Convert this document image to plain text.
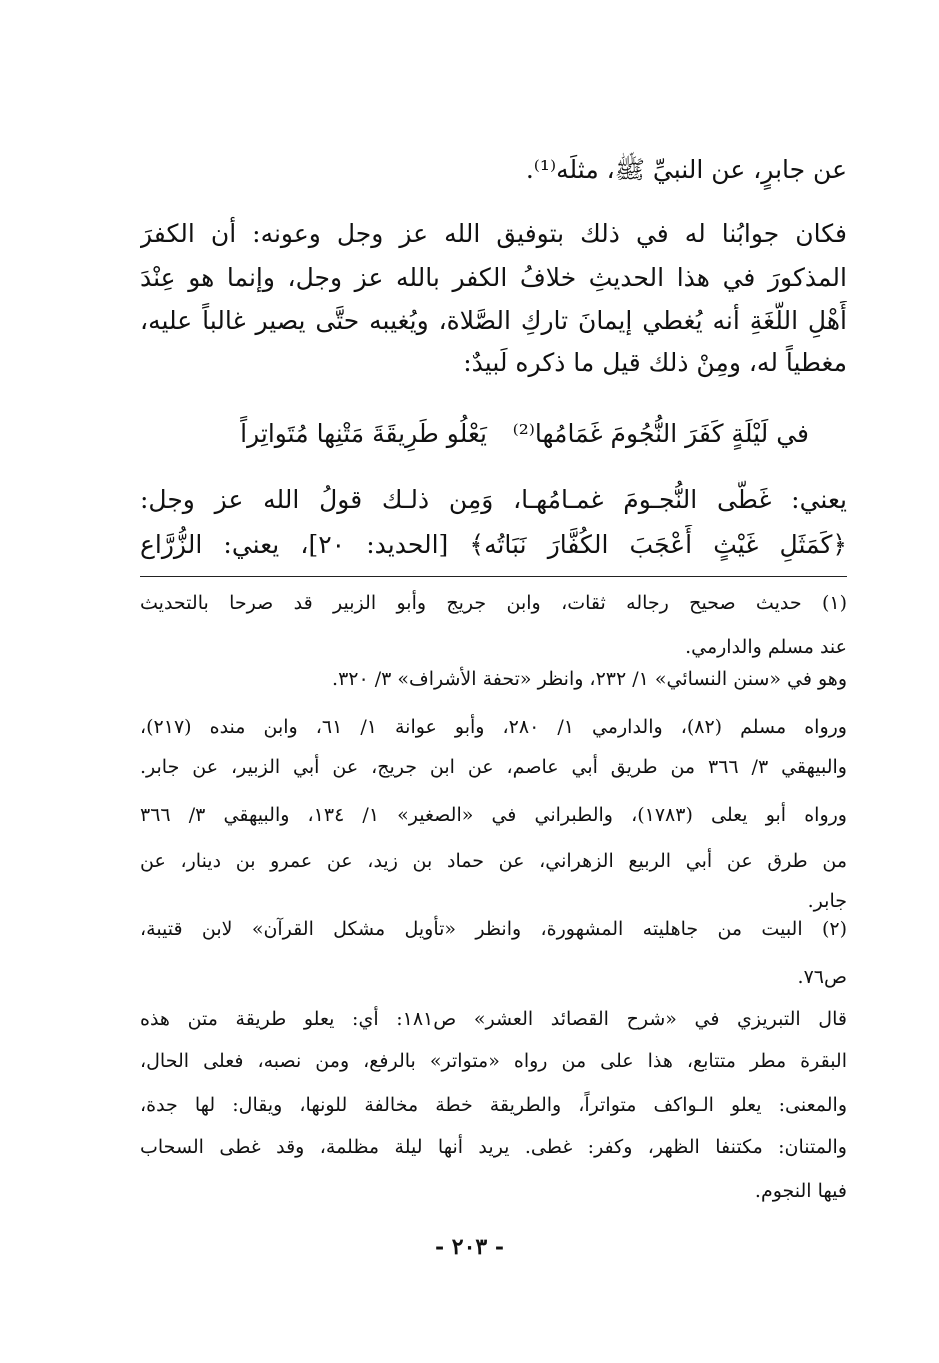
عن جابرٍ، عن النبيِّ ﷺ، مثلَه⁽¹⁾.
فكان جوابُنا له في ذلك بتوفيق الله عز وجل وعونه: أن الكفرَ
المذكورَ في هذا الحديثِ خلافُ الكفر بالله عز وجل، وإنما هو عِنْدَ
أَهْلِ اللُّغَةِ أنه يُغطي إيمانَ تاركِ الصَّلاة، ويُغيبه حتَّى يصير غالباً عليه،
مغطياً له، ومِنْ ذلك قيل ما ذكره لَبيدٌ:
يَعْلُو طَرِيقَةَ مَتْنِها مُتَواتِراً في لَيْلَةٍ كَفَرَ النُّجُومَ غَمَامُها⁽²⁾
يعني: غَطَّى النُّجـومَ غمـامُهـا، وَمِن ذلـك قولُ الله عز وجل:
﴿كَمَثَلِ غَيْثٍ أَعْجَبَ الكُفَّارَ نَبَاتُه﴾ [الحديد: ٢٠]، يعني: الزُّرَّاع
(١) حديث صحيح رجاله ثقات، وابن جريج وأبو الزبير قد صرحا بالتحديث
عند مسلم والدارمي.
وهو في «سنن النسائي» ١/ ٢٣٢، وانظر «تحفة الأشراف» ٣/ ٣٢٠.
ورواه مسلم (٨٢)، والدارمي ١/ ٢٨٠، وأبو عوانة ١/ ٦١، وابن منده (٢١٧)،
والبيهقي ٣/ ٣٦٦ من طريق أبي عاصم، عن ابن جريج، عن أبي الزبير، عن جابر.
ورواه أبو يعلى (١٧٨٣)، والطبراني في «الصغير» ١/ ١٣٤، والبيهقي ٣/ ٣٦٦
من طرق عن أبي الربيع الزهراني، عن حماد بن زيد، عن عمرو بن دينار، عن
جابر.
(٢) البيت من جاهليته المشهورة، وانظر «تأويل مشكل القرآن» لابن قتيبة،
ص٧٦.
قال التبريزي في «شرح القصائد العشر» ص١٨١: أي: يعلو طريقة متن هذه
البقرة مطر متتابع، هذا على من رواه «متواتر» بالرفع، ومن نصبه، فعلى الحال،
والمعنى: يعلو الـواكف متواتراً، والطريقة خطة مخالفة للونها، ويقال: لها جدة،
والمتنان: مكتنفا الظهر، وكفر: غطى. يريد أنها ليلة مظلمة، وقد غطى السحاب
فيها النجوم.
- ٢٠٣ -
